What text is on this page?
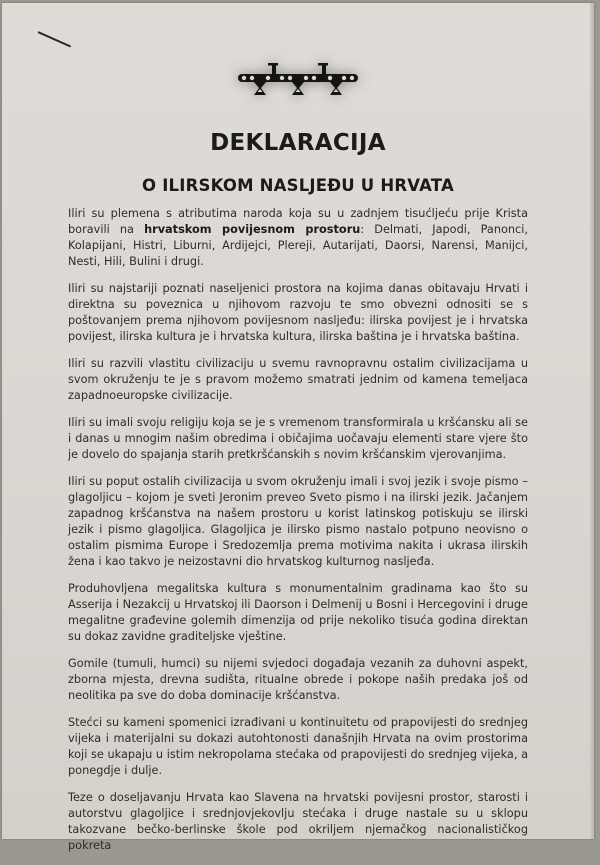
DEKLARACIJA
O ILIRSKOM NASLJEĐU U HRVATA

Iliri su plemena s atributima naroda koja su u zadnjem tisućljeću prije Krista boravili na hrvatskom povijesnom prostoru: Delmati, Japodi, Panonci, Kolapijani, Histri, Liburni, Ardijejci, Plereji, Autarijati, Daorsi, Narensi, Manijci, Nesti, Hili, Bulini i drugi.

Iliri su najstariji poznati naseljenici prostora na kojima danas obitavaju Hrvati i direktna su poveznica u njihovom razvoju te smo obvezni odnositi se s poštovanjem prema njihovom povijesnom nasljeđu: ilirska povijest je i hrvatska povijest, ilirska kultura je i hrvatska kultura, ilirska baština je i hrvatska baština.

Iliri su razvili vlastitu civilizaciju u svemu ravnopravnu ostalim civilizacijama u svom okruženju te je s pravom možemo smatrati jednim od kamena temeljaca zapadnoeuropske civilizacije.

Iliri su imali svoju religiju koja se je s vremenom transformirala u kršćansku ali se i danas u mnogim našim obredima i običajima uočavaju elementi stare vjere što je dovelo do spajanja starih pretkršćanskih s novim kršćanskim vjerovanjima.

Iliri su poput ostalih civilizacija u svom okruženju imali i svoj jezik i svoje pismo – glagoljicu – kojom je sveti Jeronim preveo Sveto pismo i na ilirski jezik. Jačanjem zapadnog kršćanstva na našem prostoru u korist latinskog potiskuju se ilirski jezik i pismo glagoljica. Glagoljica je ilirsko pismo nastalo potpuno neovisno o ostalim pismima Europe i Sredozemlja prema motivima nakita i ukrasa ilirskih žena i kao takvo je neizostavni dio hrvatskog kulturnog nasljeđa.

Produhovljena megalitska kultura s monumentalnim gradinama kao što su Asserija i Nezakcij u Hrvatskoj ili Daorson i Delmenij u Bosni i Hercegovini i druge megalitne građevine golemih dimenzija od prije nekoliko tisuća godina direktan su dokaz zavidne graditeljske vještine.

Gomile (tumuli, humci) su nijemi svjedoci događaja vezanih za duhovni aspekt, zborna mjesta, drevna sudišta, ritualne obrede i pokope naših predaka još od neolitika pa sve do doba dominacije kršćanstva.

Stećci su kameni spomenici izrađivani u kontinuitetu od prapovijesti do srednjeg vijeka i materijalni su dokazi autohtonosti današnjih Hrvata na ovim prostorima koji se ukapaju u istim nekropolama stećaka od prapovijesti do srednjeg vijeka, a ponegdje i dulje.

Teze o doseljavanju Hrvata kao Slavena na hrvatski povijesni prostor, starosti i autorstvu glagoljice i srednjovjekovlju stećaka i druge nastale su u sklopu takozvane bečko-berlinske škole pod okriljem njemačkog nacionalističkog pokreta
